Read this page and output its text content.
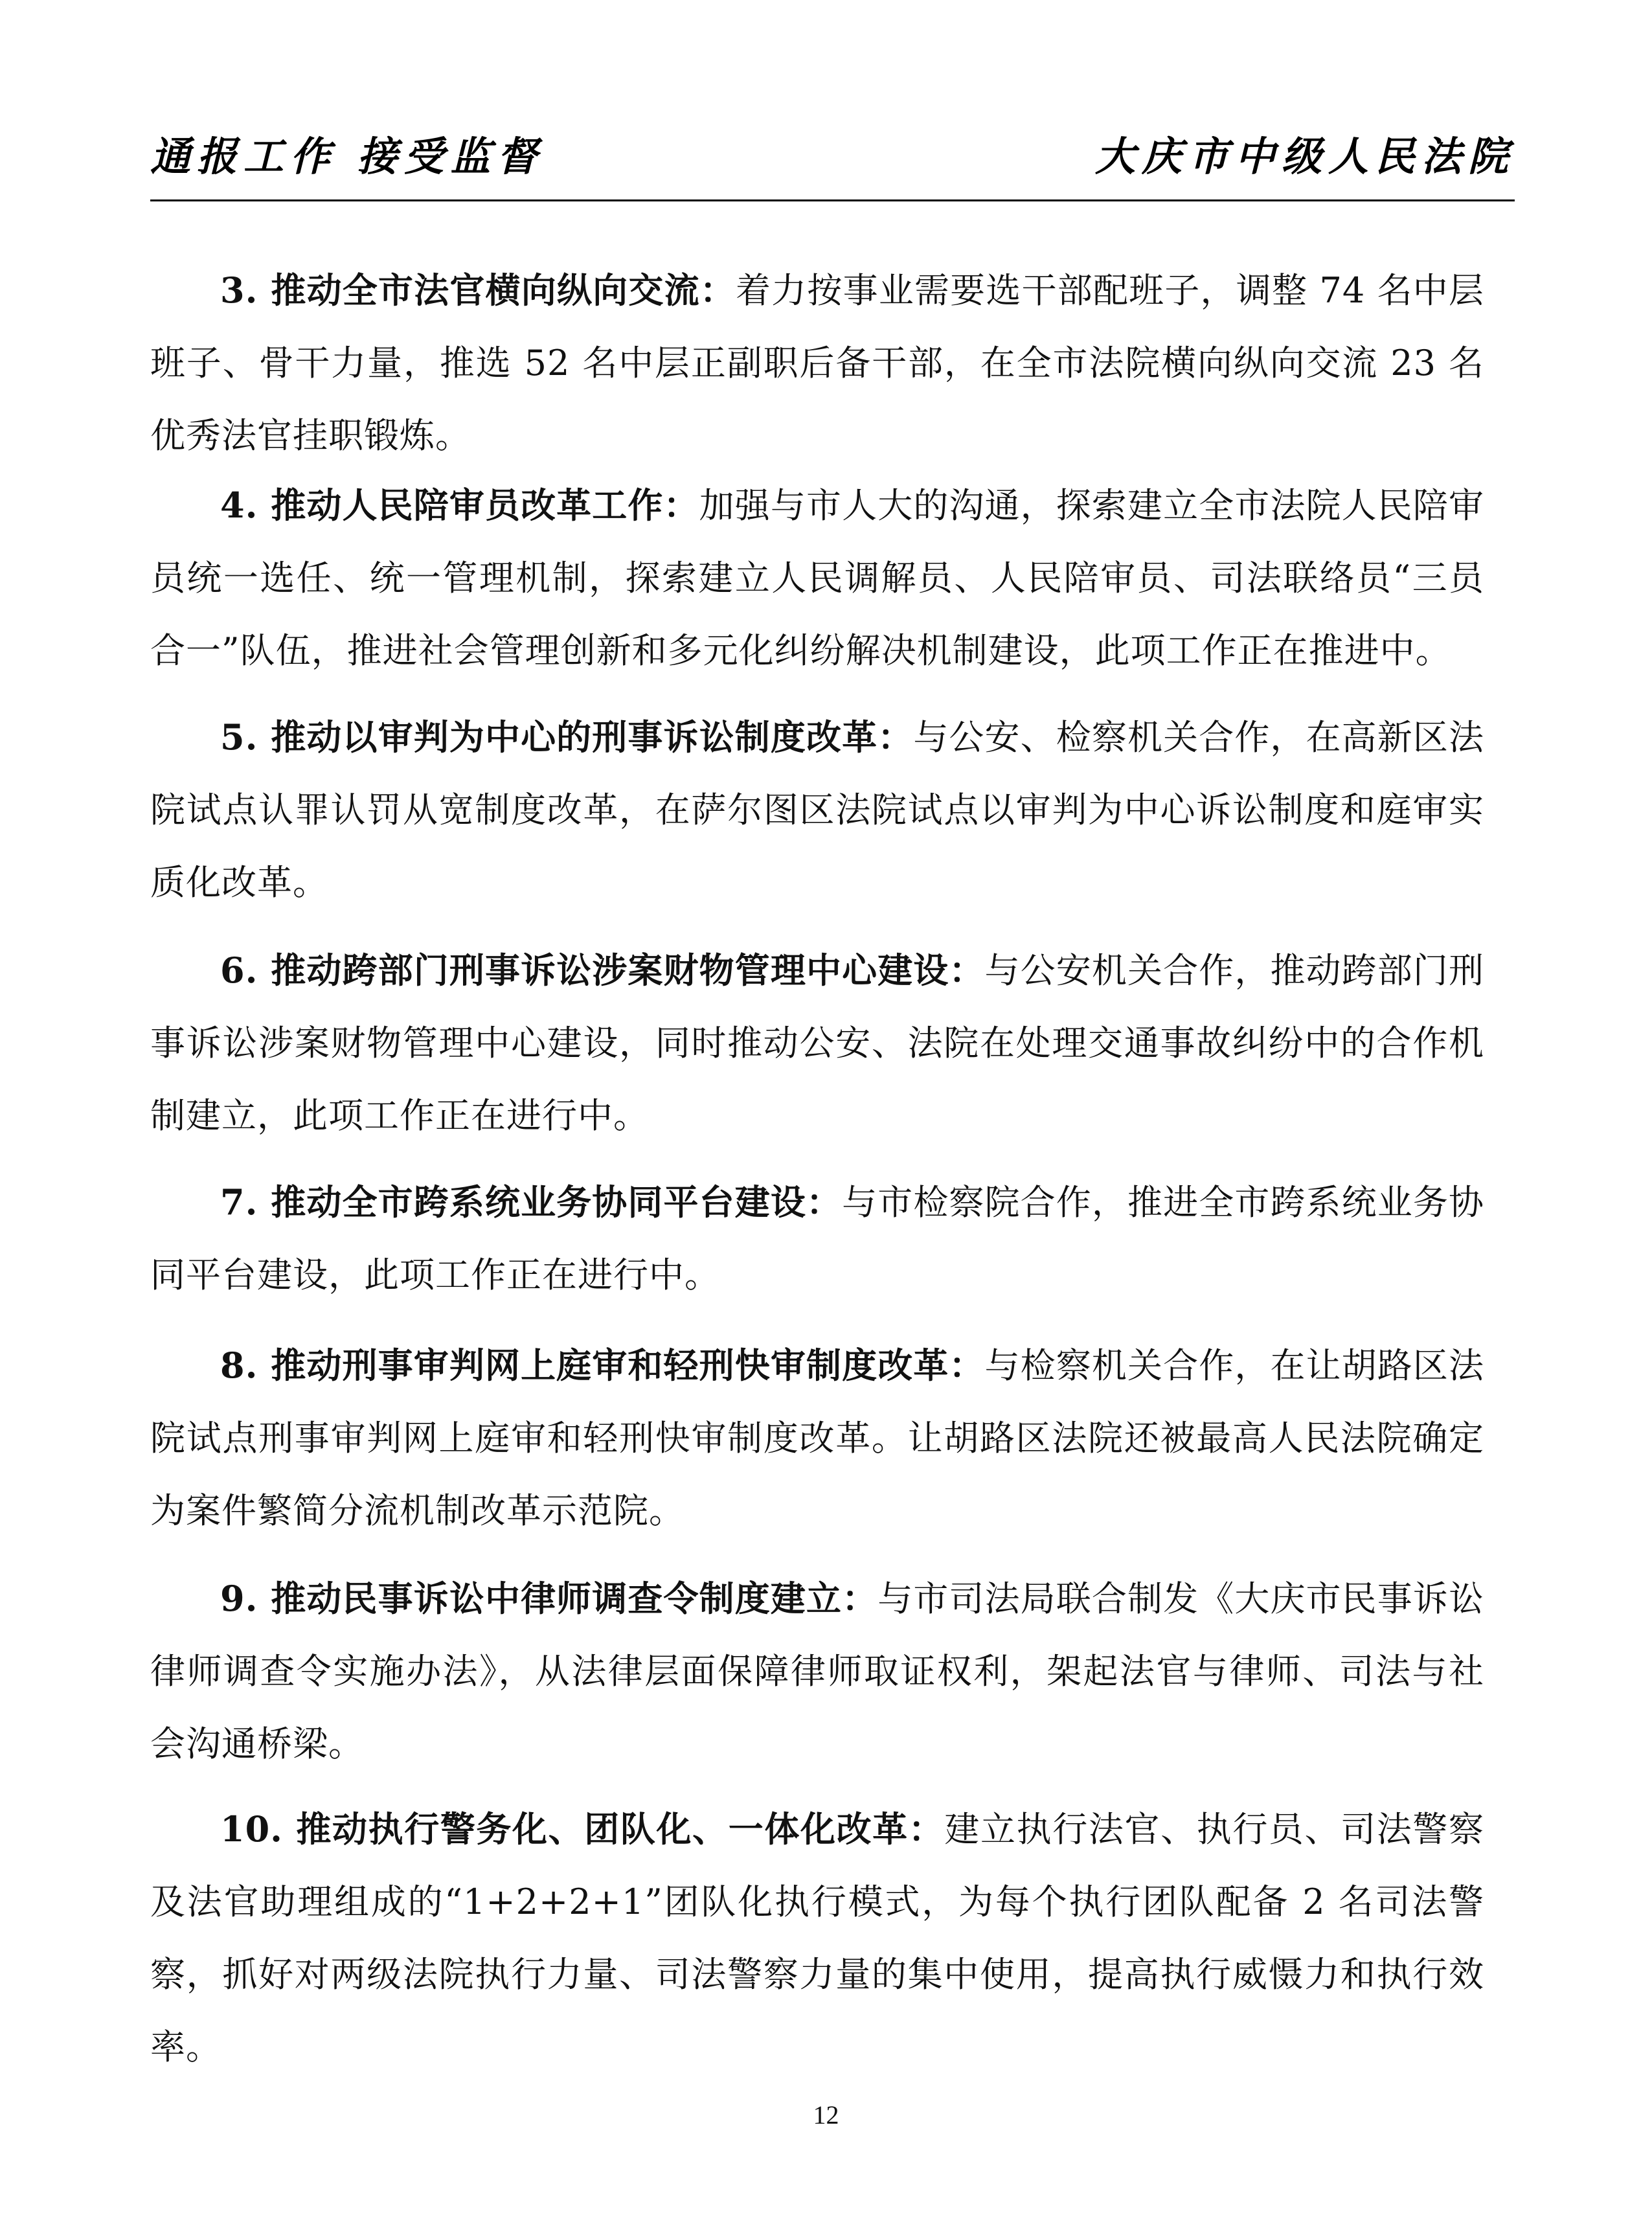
通报工作 接受监督	大庆市中级人民法院

3. 推动全市法官横向纵向交流：着力按事业需要选干部配班子，调整 74 名中层班子、骨干力量，推选 52 名中层正副职后备干部，在全市法院横向纵向交流 23 名优秀法官挂职锻炼。

4. 推动人民陪审员改革工作：加强与市人大的沟通，探索建立全市法院人民陪审员统一选任、统一管理机制，探索建立人民调解员、人民陪审员、司法联络员“三员合一”队伍，推进社会管理创新和多元化纠纷解决机制建设，此项工作正在推进中。

5. 推动以审判为中心的刑事诉讼制度改革：与公安、检察机关合作，在高新区法院试点认罪认罚从宽制度改革，在萨尔图区法院试点以审判为中心诉讼制度和庭审实质化改革。

6. 推动跨部门刑事诉讼涉案财物管理中心建设：与公安机关合作，推动跨部门刑事诉讼涉案财物管理中心建设，同时推动公安、法院在处理交通事故纠纷中的合作机制建立，此项工作正在进行中。

7. 推动全市跨系统业务协同平台建设：与市检察院合作，推进全市跨系统业务协同平台建设，此项工作正在进行中。

8. 推动刑事审判网上庭审和轻刑快审制度改革：与检察机关合作，在让胡路区法院试点刑事审判网上庭审和轻刑快审制度改革。让胡路区法院还被最高人民法院确定为案件繁简分流机制改革示范院。

9. 推动民事诉讼中律师调查令制度建立：与市司法局联合制发《大庆市民事诉讼律师调查令实施办法》，从法律层面保障律师取证权利，架起法官与律师、司法与社会沟通桥梁。

10. 推动执行警务化、团队化、一体化改革：建立执行法官、执行员、司法警察及法官助理组成的“1+2+2+1”团队化执行模式，为每个执行团队配备 2 名司法警察，抓好对两级法院执行力量、司法警察力量的集中使用，提高执行威慑力和执行效率。

12
